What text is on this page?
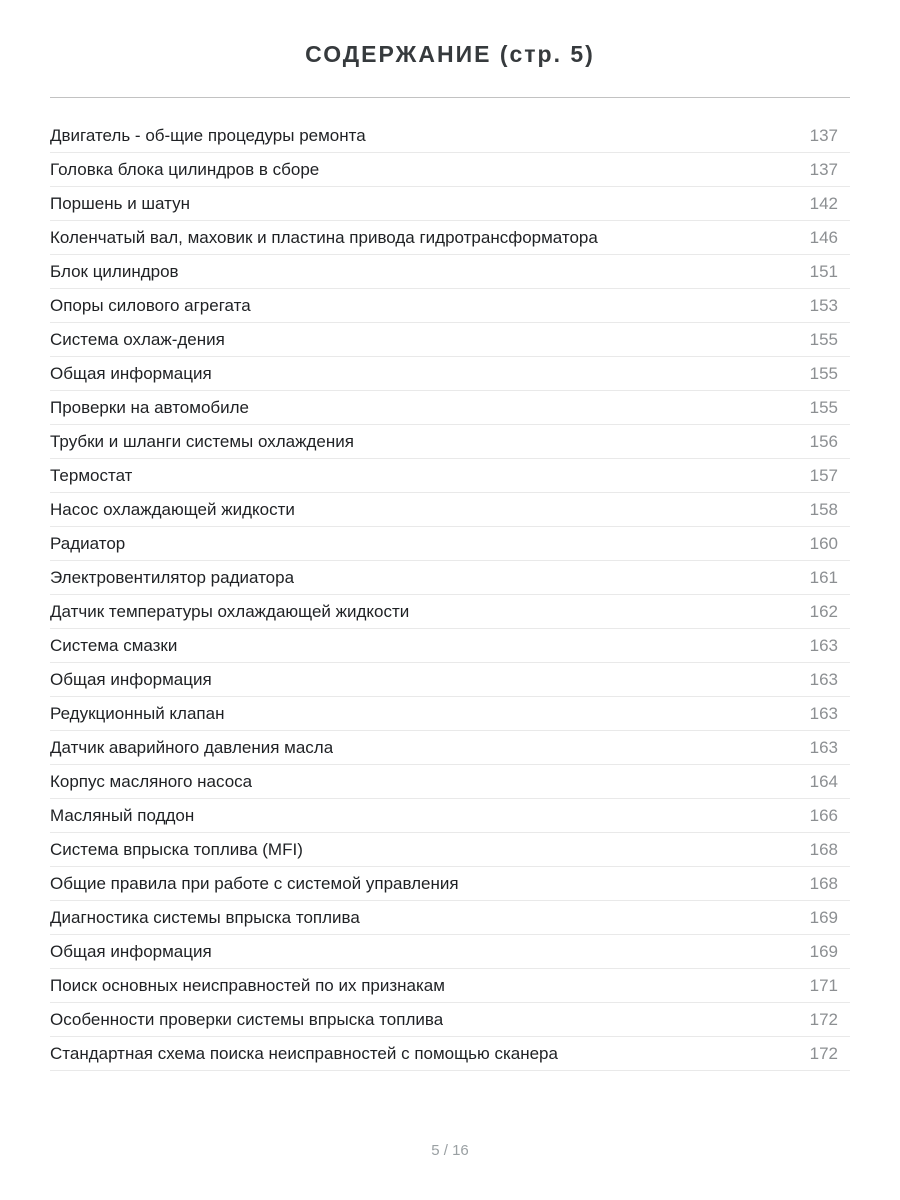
СОДЕРЖАНИЕ (стр. 5)
Двигатель - об-щие процедуры ремонта	137
Головка блока цилиндров в сборе	137
Поршень и шатун	142
Коленчатый вал, маховик и пластина привода гидротрансформатора	146
Блок цилиндров	151
Опоры силового агрегата	153
Система охлаж-дения	155
Общая информация	155
Проверки на автомобиле	155
Трубки и шланги системы охлаждения	156
Термостат	157
Насос охлаждающей жидкости	158
Радиатор	160
Электровентилятор радиатора	161
Датчик температуры охлаждающей жидкости	162
Система смазки	163
Общая информация	163
Редукционный клапан	163
Датчик аварийного давления масла	163
Корпус масляного насоса	164
Масляный поддон	166
Система впрыска топлива (MFI)	168
Общие правила при работе с системой управления	168
Диагностика системы впрыска топлива	169
Общая информация	169
Поиск основных неисправностей по их признакам	171
Особенности проверки системы впрыска топлива	172
Стандартная схема поиска неисправностей с помощью сканера	172
5 / 16
